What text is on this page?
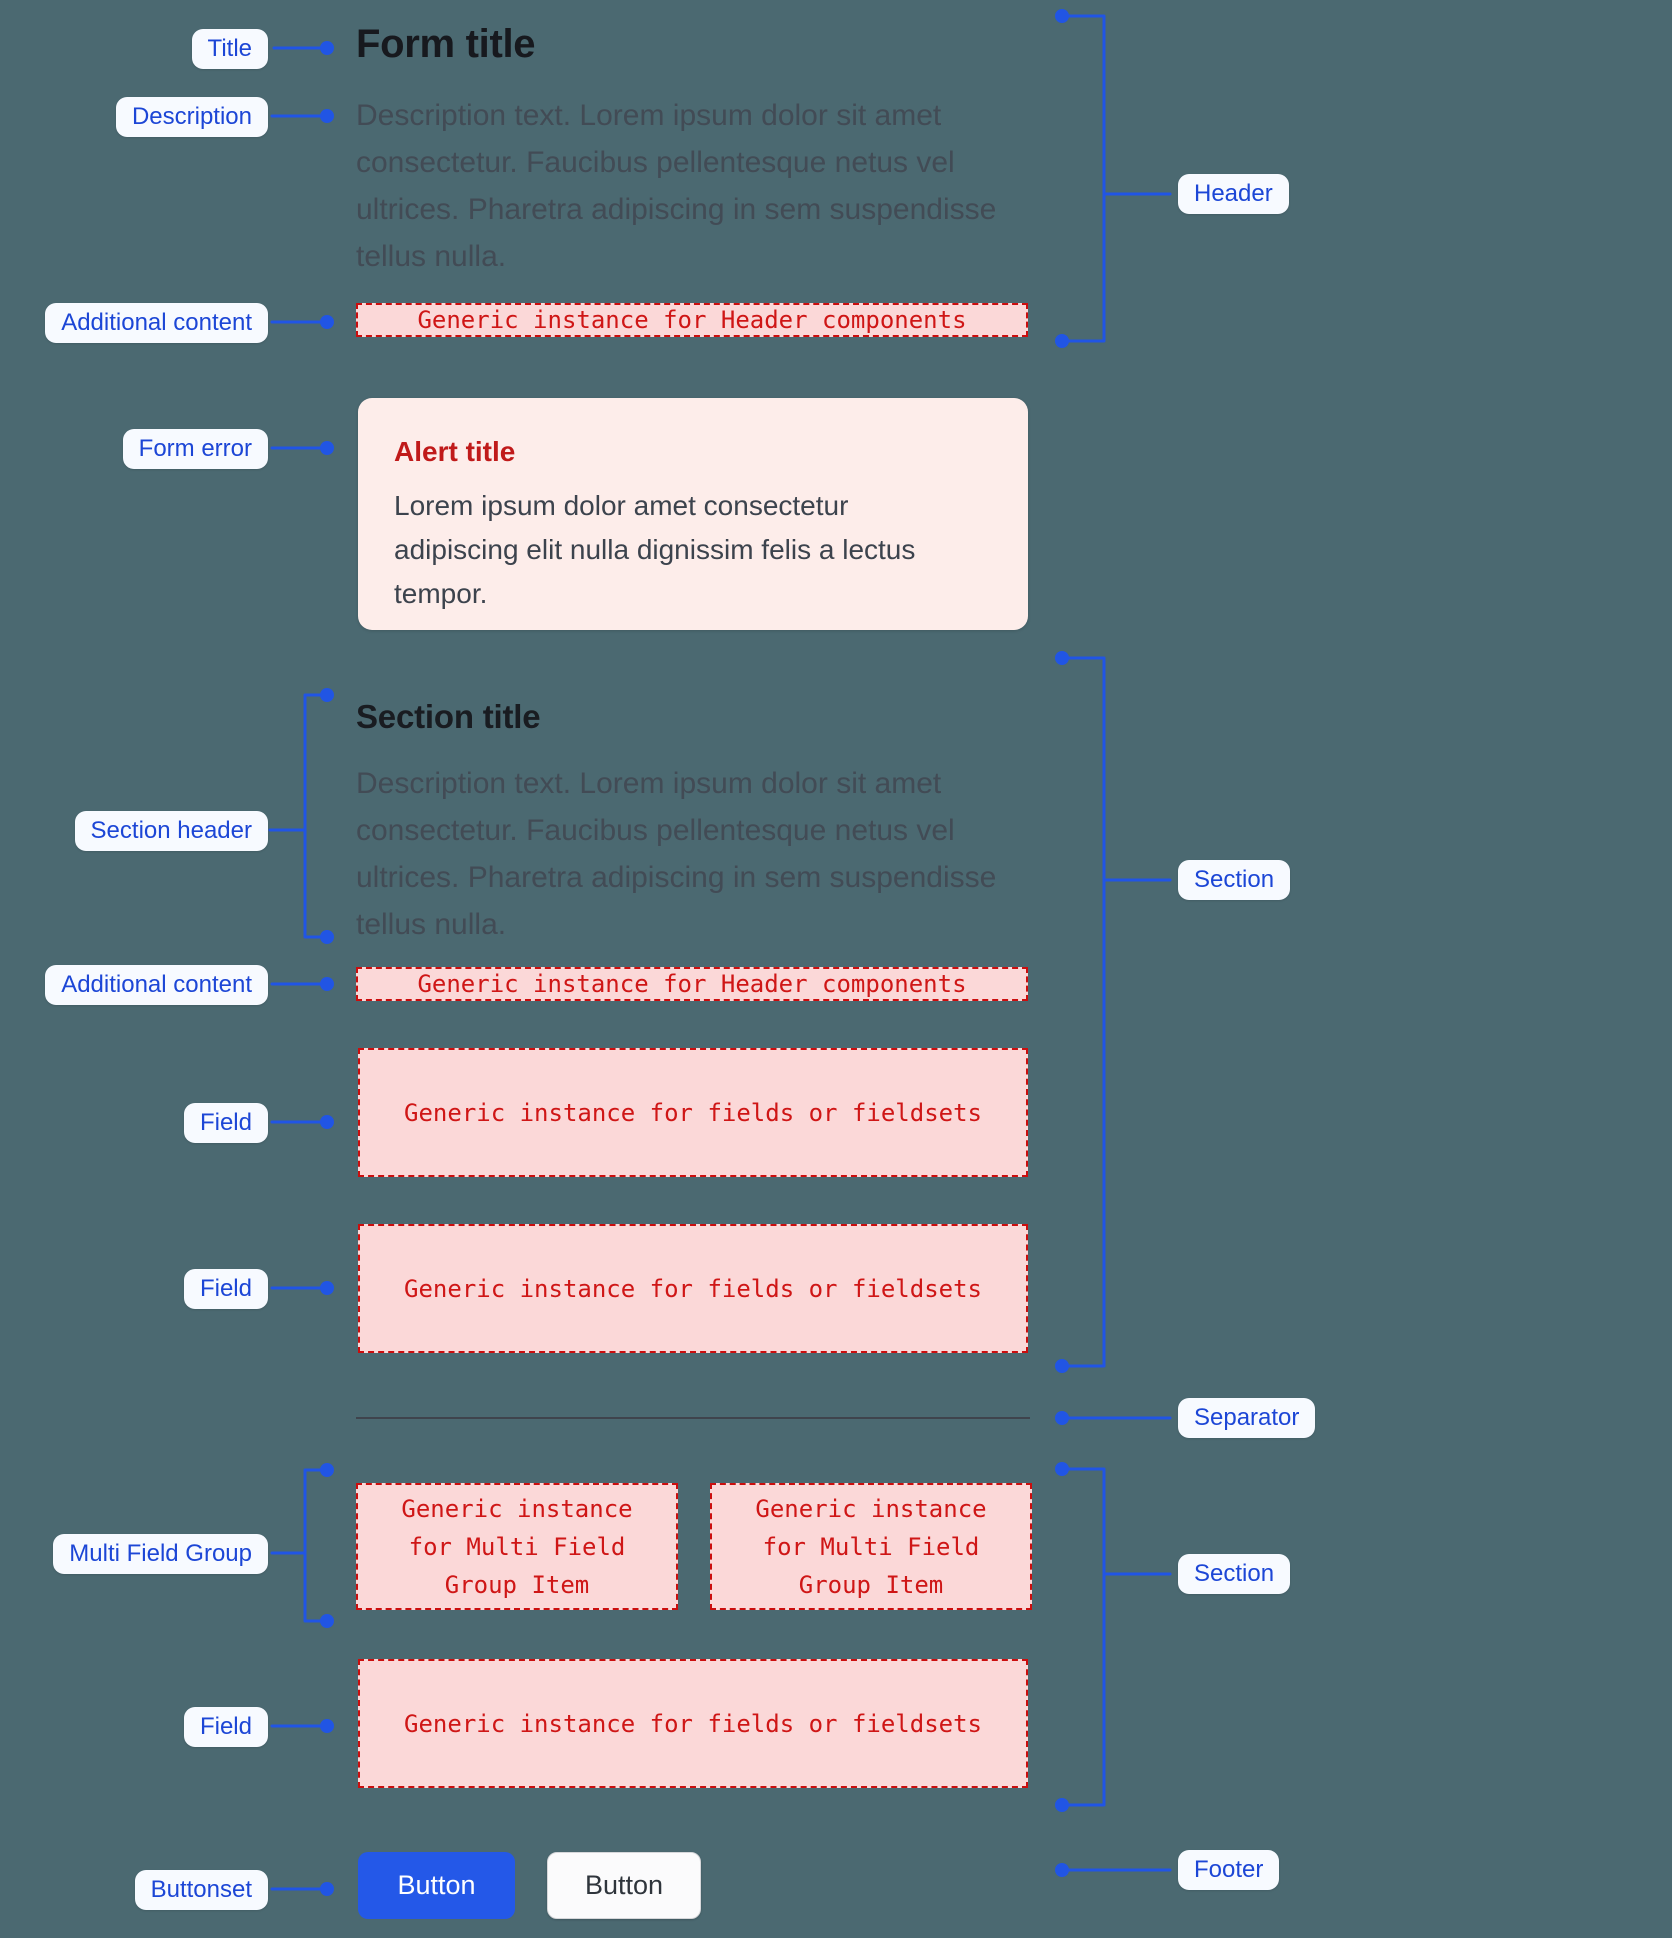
Title
Description
Additional content
Form error
Section header
Additional content
Field
Field
Multi Field Group
Field
Buttonset
Header
Section
Separator
Section
Footer
Form title

Description text. Lorem ipsum dolor sit amet consectetur. Faucibus pellentesque netus vel ultrices. Pharetra adipiscing in sem suspendisse tellus nulla.

Generic instance for Header components

Alert title

Lorem ipsum dolor amet consectetur adipiscing elit nulla dignissim felis a lectus tempor.

Section title

Description text. Lorem ipsum dolor sit amet consectetur. Faucibus pellentesque netus vel ultrices. Pharetra adipiscing in sem suspendisse tellus nulla.

Generic instance for Header components
Generic instance for fields or fieldsets
Generic instance for fields or fieldsets
Generic instance for Multi Field Group Item
Generic instance for Multi Field Group Item
Generic instance for fields or fieldsets
Button	Button
